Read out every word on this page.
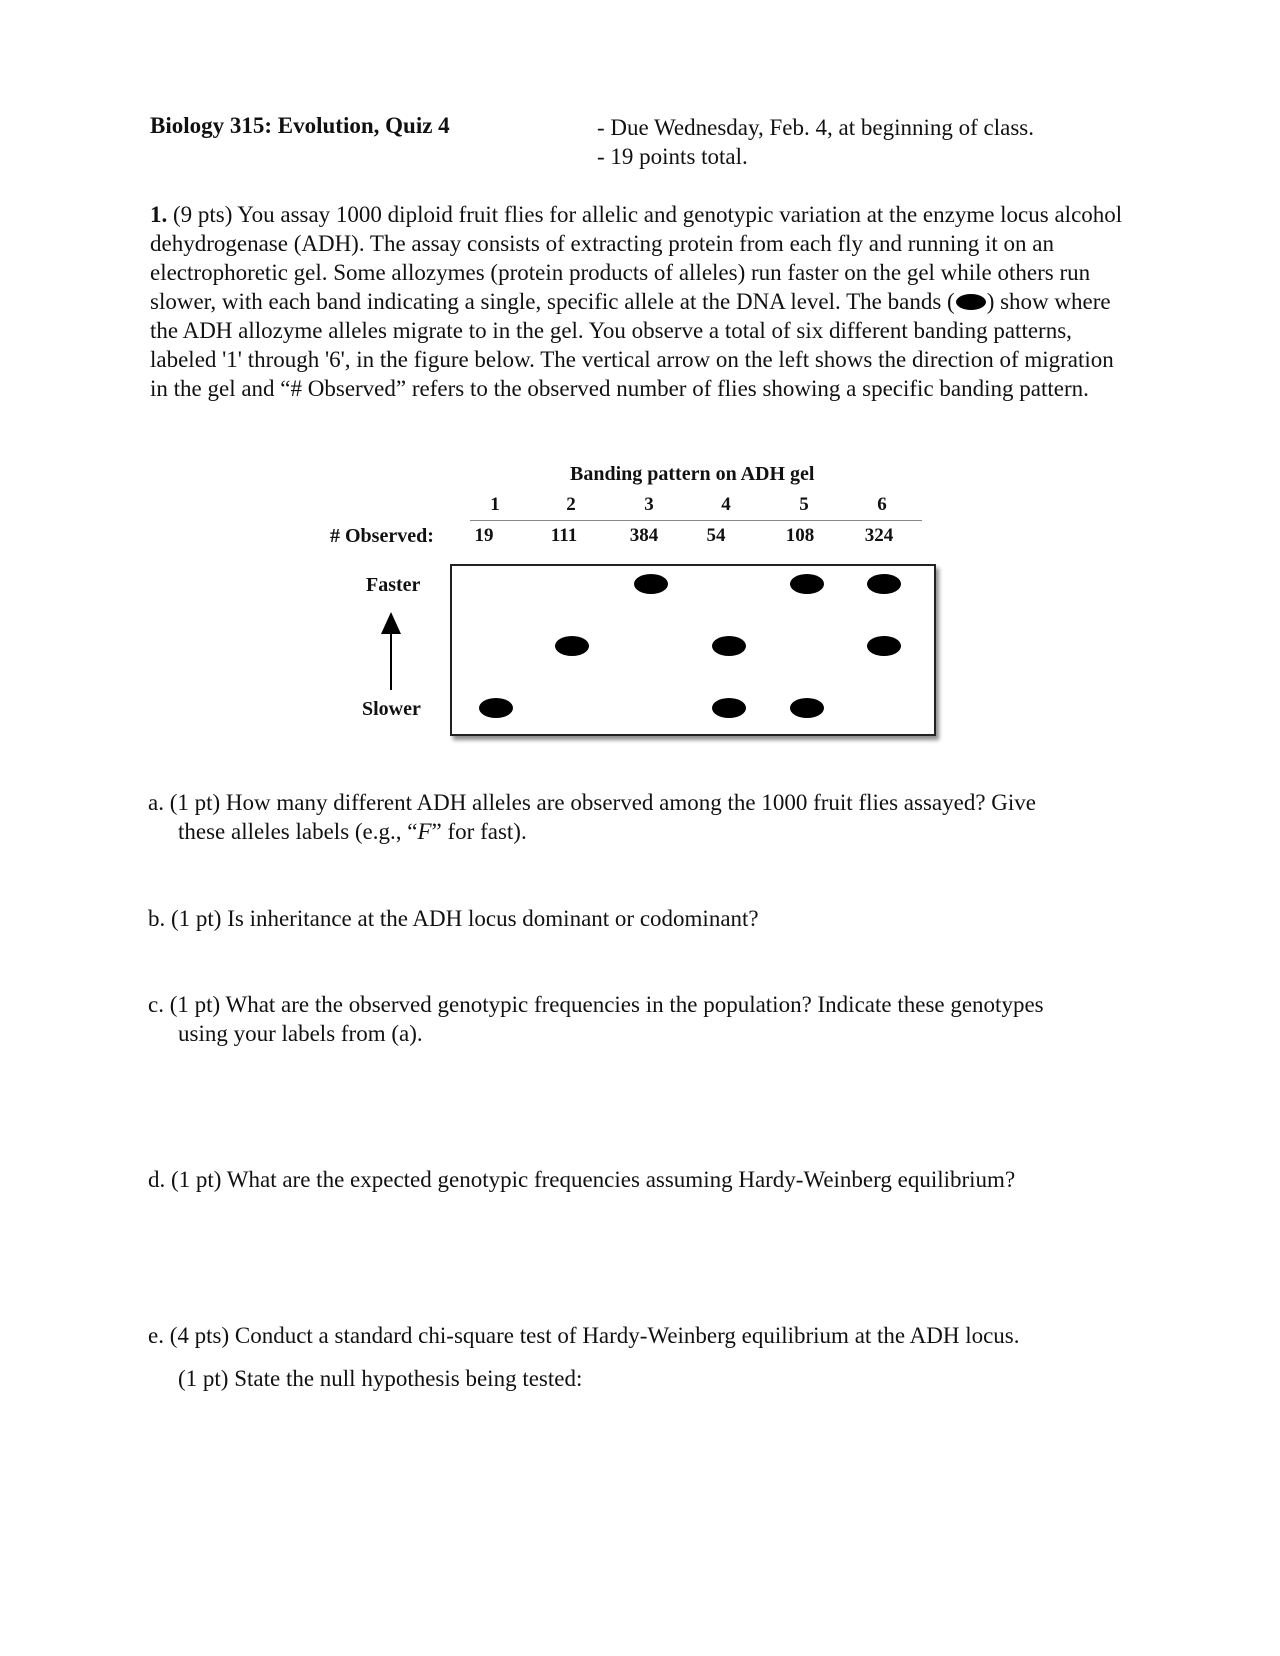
Biology 315: Evolution, Quiz 4	- Due Wednesday, Feb. 4, at beginning of class.
- 19 points total.
1. (9 pts) You assay 1000 diploid fruit flies for allelic and genotypic variation at the enzyme locus alcohol dehydrogenase (ADH). The assay consists of extracting protein from each fly and running it on an electrophoretic gel. Some allozymes (protein products of alleles) run faster on the gel while others run slower, with each band indicating a single, specific allele at the DNA level. The bands ( ) show where the ADH allozyme alleles migrate to in the gel. You observe a total of six different banding patterns, labeled '1' through '6', in the figure below. The vertical arrow on the left shows the direction of migration in the gel and “# Observed” refers to the observed number of flies showing a specific banding pattern.
Banding pattern on ADH gel
1	2	3	4	5	6
# Observed:	19	111	384	54	108	324
Faster
Slower
a. (1 pt) How many different ADH alleles are observed among the 1000 fruit flies assayed? Give
these alleles labels (e.g., “F” for fast).
b. (1 pt) Is inheritance at the ADH locus dominant or codominant?
c. (1 pt) What are the observed genotypic frequencies in the population? Indicate these genotypes
using your labels from (a).
d. (1 pt) What are the expected genotypic frequencies assuming Hardy-Weinberg equilibrium?
e. (4 pts) Conduct a standard chi-square test of Hardy-Weinberg equilibrium at the ADH locus.
(1 pt) State the null hypothesis being tested:
